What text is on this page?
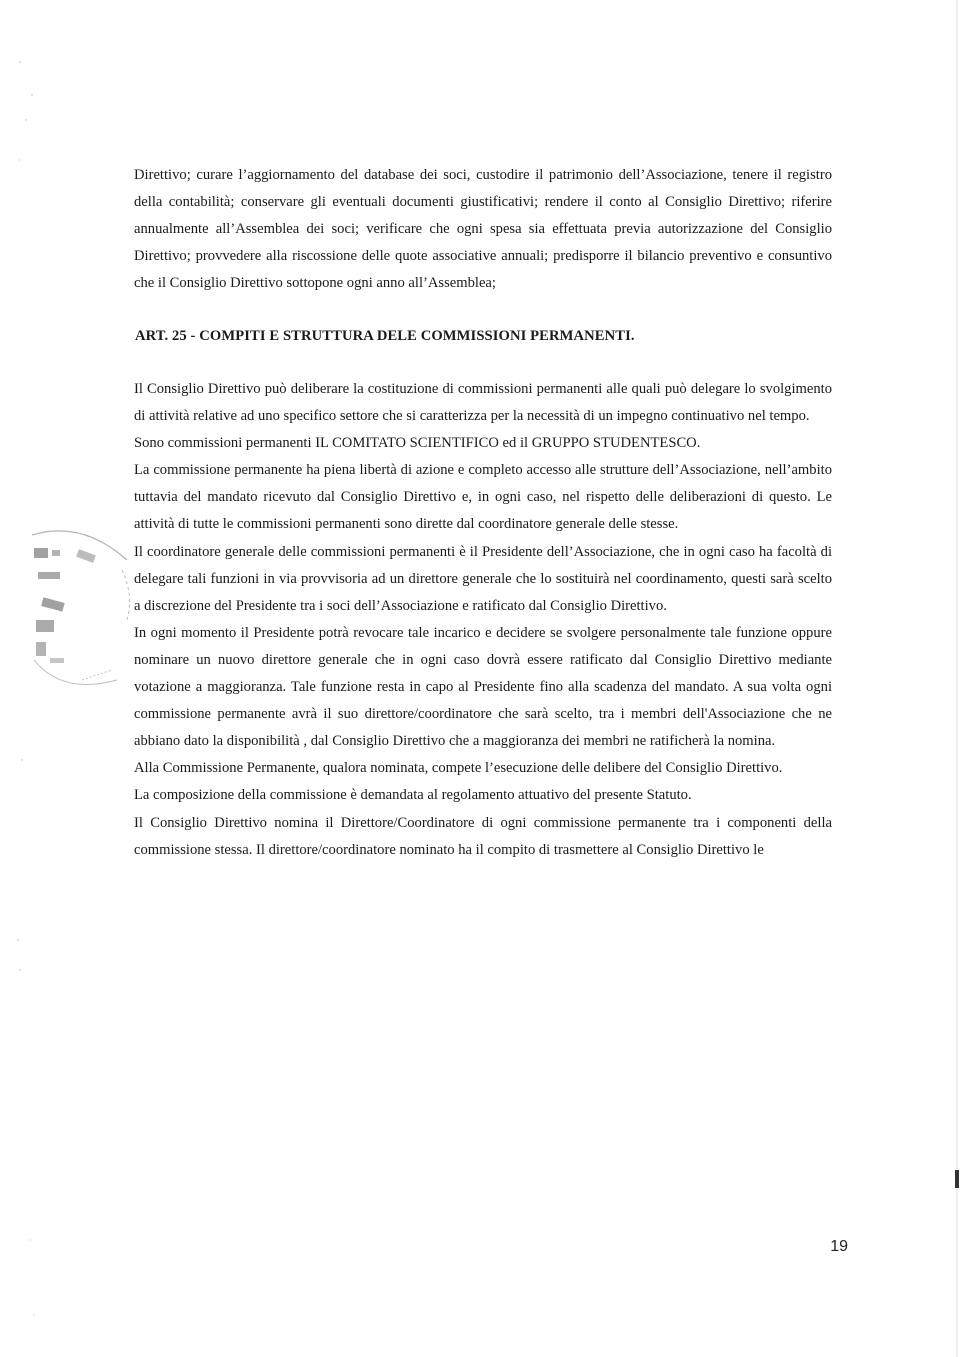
Direttivo; curare l’aggiornamento del database dei soci, custodire il patrimonio dell’Associazione, tenere il registro della contabilità; conservare gli eventuali documenti giustificativi; rendere il conto al Consiglio Direttivo; riferire annualmente all’Assemblea dei soci; verificare che ogni spesa sia effettuata previa autorizzazione del Consiglio Direttivo; provvedere alla riscossione delle quote associative annuali; predisporre il bilancio preventivo e consuntivo che il Consiglio Direttivo sottopone ogni anno all’Assemblea;

ART. 25 - COMPITI E STRUTTURA DELE COMMISSIONI PERMANENTI.

Il Consiglio Direttivo può deliberare la costituzione di commissioni permanenti alle quali può delegare lo svolgimento di attività relative ad uno specifico settore che si caratterizza per la necessità di un impegno continuativo nel tempo.

Sono commissioni permanenti IL COMITATO SCIENTIFICO ed il GRUPPO STUDENTESCO.

La commissione permanente ha piena libertà di azione e completo accesso alle strutture dell’Associazione, nell’ambito tuttavia del mandato ricevuto dal Consiglio Direttivo e, in ogni caso, nel rispetto delle deliberazioni di questo. Le attività di tutte le commissioni permanenti sono dirette dal coordinatore generale delle stesse.

Il coordinatore generale delle commissioni permanenti è il Presidente dell’Associazione, che in ogni caso ha facoltà di delegare tali funzioni in via provvisoria ad un direttore generale che lo sostituirà nel coordinamento, questi sarà scelto a discrezione del Presidente tra i soci dell’Associazione e ratificato dal Consiglio Direttivo.

In ogni momento il Presidente potrà revocare tale incarico e decidere se svolgere personalmente tale funzione oppure nominare un nuovo direttore generale che in ogni caso dovrà essere ratificato dal Consiglio Direttivo mediante votazione a maggioranza. Tale funzione resta in capo al Presidente fino alla scadenza del mandato. A sua volta ogni commissione permanente avrà il suo direttore/coordinatore che sarà scelto, tra i membri dell'Associazione che ne abbiano dato la disponibilità , dal Consiglio Direttivo che a maggioranza dei membri ne ratificherà la nomina.

Alla Commissione Permanente, qualora nominata, compete l’esecuzione delle delibere del Consiglio Direttivo.

La composizione della commissione è demandata al regolamento attuativo del presente Statuto.

Il Consiglio Direttivo nomina il Direttore/Coordinatore di ogni commissione permanente tra i componenti della commissione stessa. Il direttore/coordinatore nominato ha il compito di trasmettere al Consiglio Direttivo le

19
